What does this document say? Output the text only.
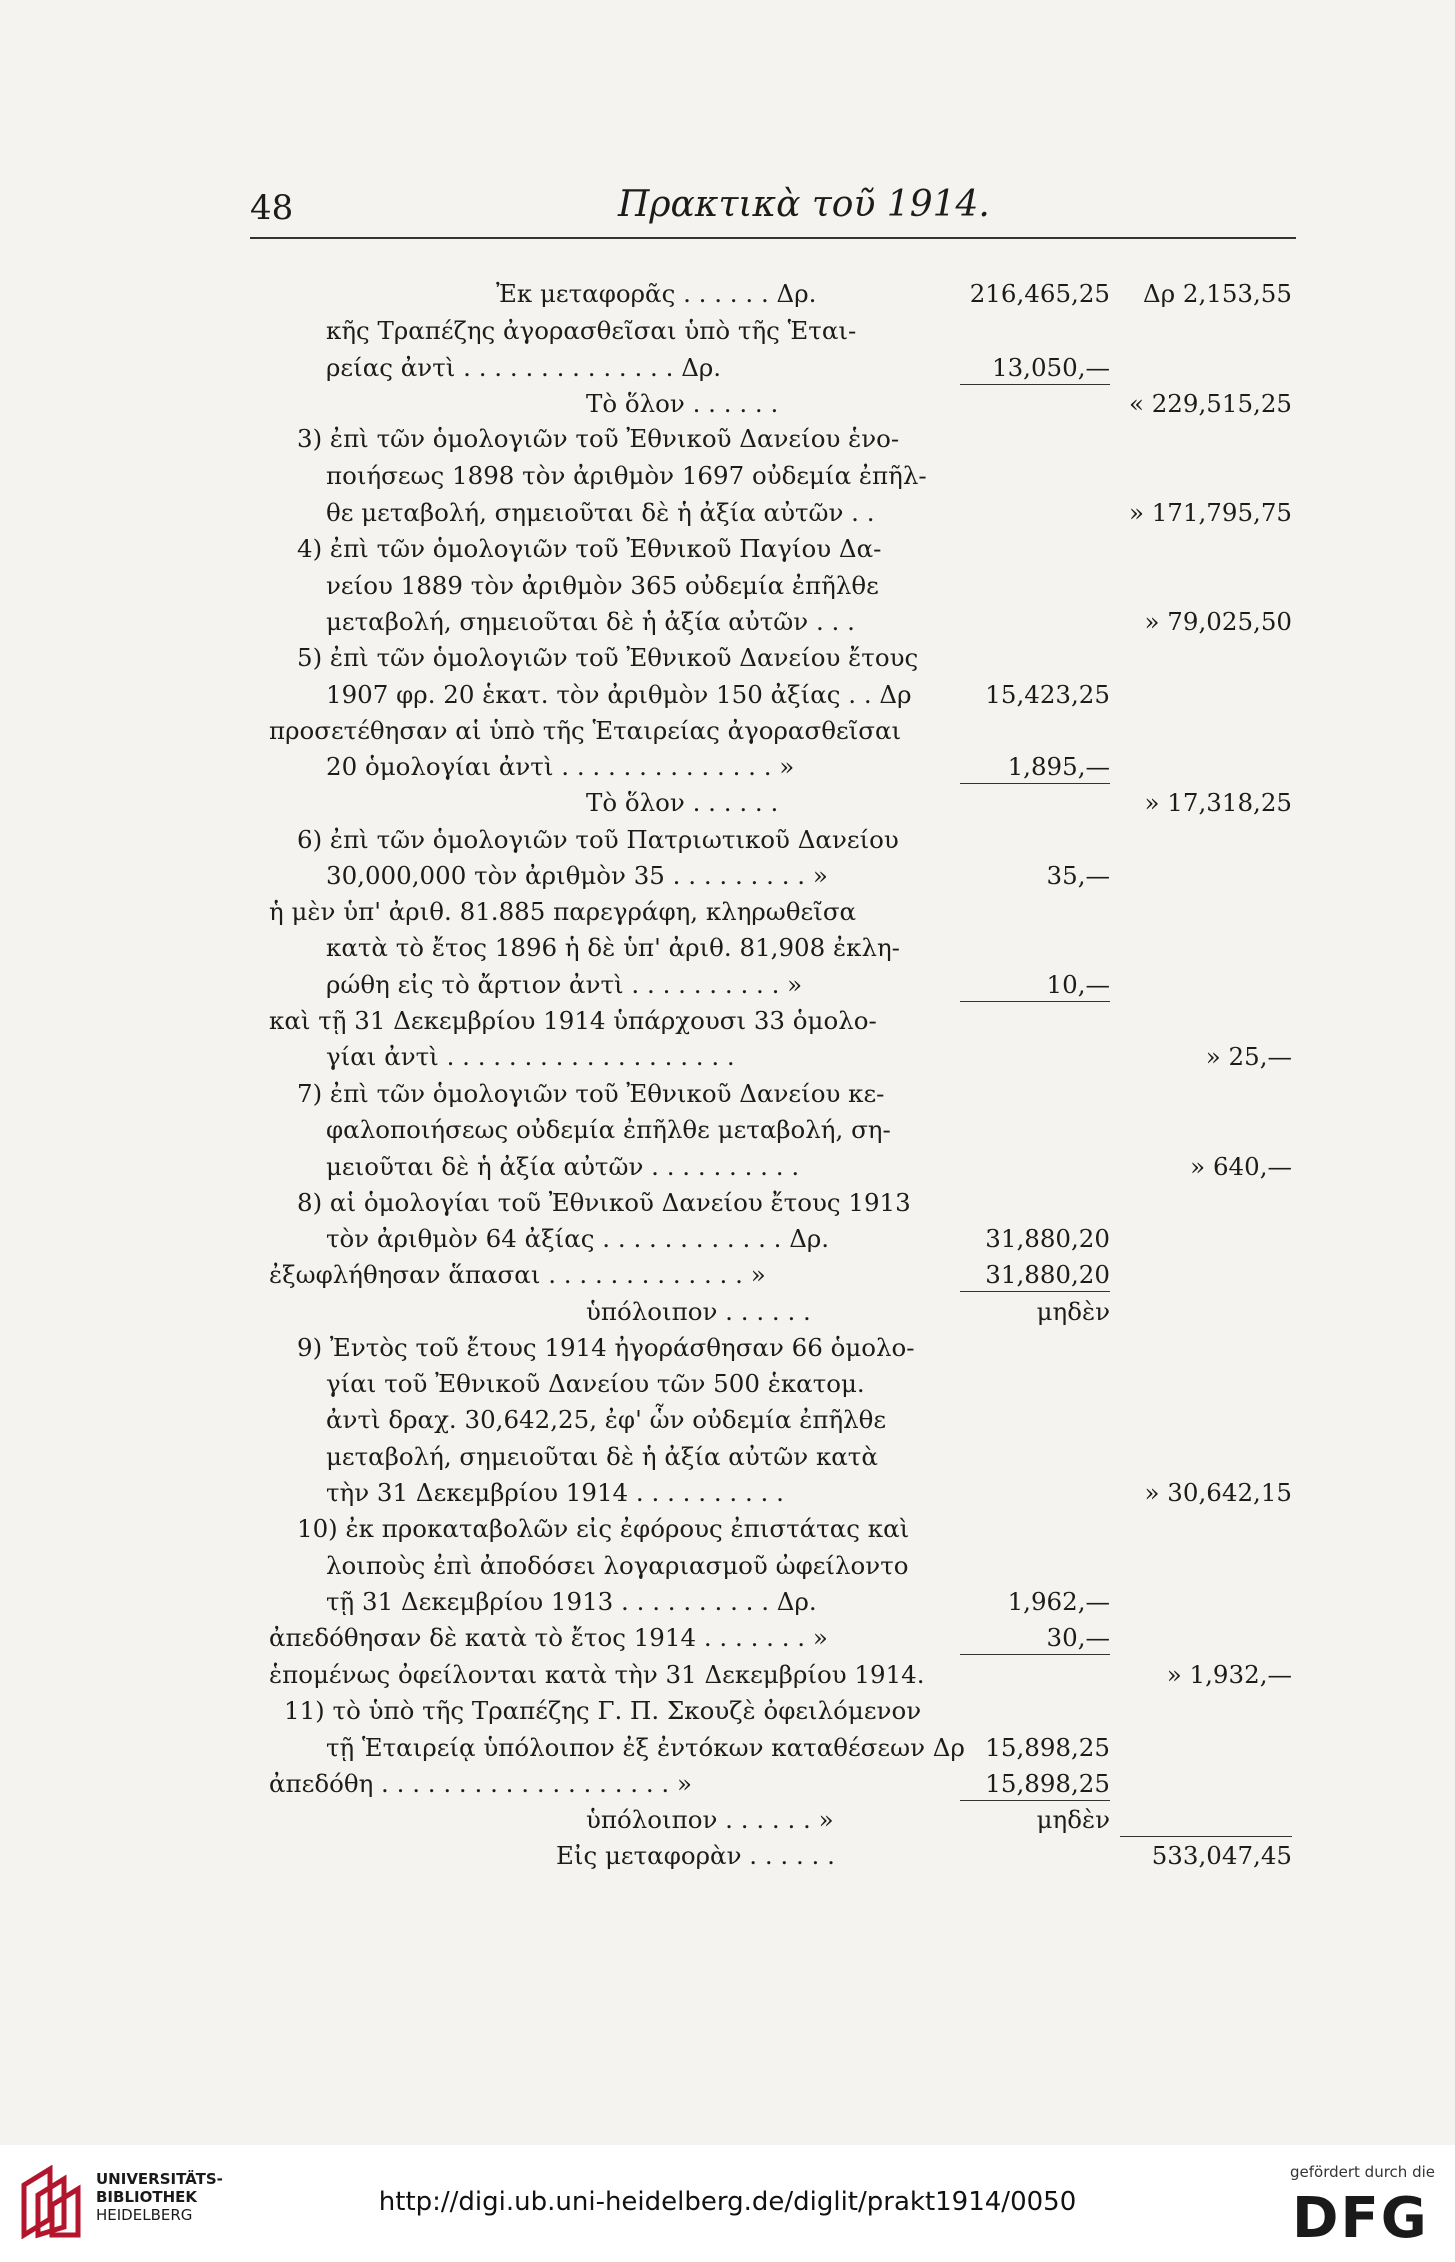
48	Πρακτικὰ τοῦ 1914.
Ἐκ μεταφορᾶς . . . . . . Δρ.
κῆς Τραπέζης ἀγορασθεῖσαι ὑπὸ τῆς Ἑται-
ρείας ἀντὶ . . . . . . . . . . . . . . Δρ.
Τὸ ὅλον . . . . . .
3) ἐπὶ τῶν ὁμολογιῶν τοῦ Ἐθνικοῦ Δανείου ἑνο-
ποιήσεως 1898 τὸν ἀριθμὸν 1697 οὐδεμία ἐπῆλ-
θε μεταβολή, σημειοῦται δὲ ἡ ἀξία αὐτῶν . .
4) ἐπὶ τῶν ὁμολογιῶν τοῦ Ἐθνικοῦ Παγίου Δα-
νείου 1889 τὸν ἀριθμὸν 365 οὐδεμία ἐπῆλθε
μεταβολή, σημειοῦται δὲ ἡ ἀξία αὐτῶν . . .
5) ἐπὶ τῶν ὁμολογιῶν τοῦ Ἐθνικοῦ Δανείου ἔτους
1907 φρ. 20 ἑκατ. τὸν ἀριθμὸν 150 ἀξίας . . Δρ
προσετέθησαν αἱ ὑπὸ τῆς Ἑταιρείας ἀγορασθεῖσαι
20 ὁμολογίαι ἀντὶ . . . . . . . . . . . . . . »
Τὸ ὅλον . . . . . .
6) ἐπὶ τῶν ὁμολογιῶν τοῦ Πατριωτικοῦ Δανείου
30,000,000 τὸν ἀριθμὸν 35 . . . . . . . . . »
ἡ μὲν ὑπ' ἀριθ. 81.885 παρεγράφη, κληρωθεῖσα
κατὰ τὸ ἔτος 1896 ἡ δὲ ὑπ' ἀριθ. 81,908 ἐκλη-
ρώθη εἰς τὸ ἄρτιον ἀντὶ . . . . . . . . . . »
καὶ τῇ 31 Δεκεμβρίου 1914 ὑπάρχουσι 33 ὁμολο-
γίαι ἀντὶ . . . . . . . . . . . . . . . . . . .
7) ἐπὶ τῶν ὁμολογιῶν τοῦ Ἐθνικοῦ Δανείου κε-
φαλοποιήσεως οὐδεμία ἐπῆλθε μεταβολή, ση-
μειοῦται δὲ ἡ ἀξία αὐτῶν . . . . . . . . . .
8) αἱ ὁμολογίαι τοῦ Ἐθνικοῦ Δανείου ἔτους 1913
τὸν ἀριθμὸν 64 ἀξίας . . . . . . . . . . . . Δρ.
ἐξωφλήθησαν ἅπασαι . . . . . . . . . . . . . »
ὑπόλοιπον . . . . . .
9) Ἐντὸς τοῦ ἔτους 1914 ἠγοράσθησαν 66 ὁμολο-
γίαι τοῦ Ἐθνικοῦ Δανείου τῶν 500 ἑκατομ.
ἀντὶ δραχ. 30,642,25, ἐφ' ὧν οὐδεμία ἐπῆλθε
μεταβολή, σημειοῦται δὲ ἡ ἀξία αὐτῶν κατὰ
τὴν 31 Δεκεμβρίου 1914 . . . . . . . . . .
10) ἐκ προκαταβολῶν εἰς ἐφόρους ἐπιστάτας καὶ
λοιποὺς ἐπὶ ἀποδόσει λογαριασμοῦ ὠφείλοντο
τῇ 31 Δεκεμβρίου 1913 . . . . . . . . . . Δρ.
ἀπεδόθησαν δὲ κατὰ τὸ ἔτος 1914 . . . . . . . »
ἑπομένως ὀφείλονται κατὰ τὴν 31 Δεκεμβρίου 1914.
11) τὸ ὑπὸ τῆς Τραπέζης Γ. Π. Σκουζὲ ὀφειλόμενον
τῇ Ἑταιρείᾳ ὑπόλοιπον ἐξ ἐντόκων καταθέσεων Δρ
ἀπεδόθη . . . . . . . . . . . . . . . . . . . »
ὑπόλοιπον . . . . . . »
Εἰς μεταφορὰν . . . . . .
216,465,25
13,050,—
15,423,25
1,895,—
35,—
10,—
31,880,20
31,880,20
μηδὲν
1,962,—
30,—
15,898,25
15,898,25
μηδὲν
Δρ 2,153,55
« 229,515,25
» 171,795,75
» 79,025,50
» 17,318,25
» 25,—
» 640,—
» 30,642,15
» 1,932,—
533,047,45
UNIVERSITÄTS-
BIBLIOTHEK
HEIDELBERG	http://digi.ub.uni-heidelberg.de/diglit/prakt1914/0050
gefördert durch die
DFG
